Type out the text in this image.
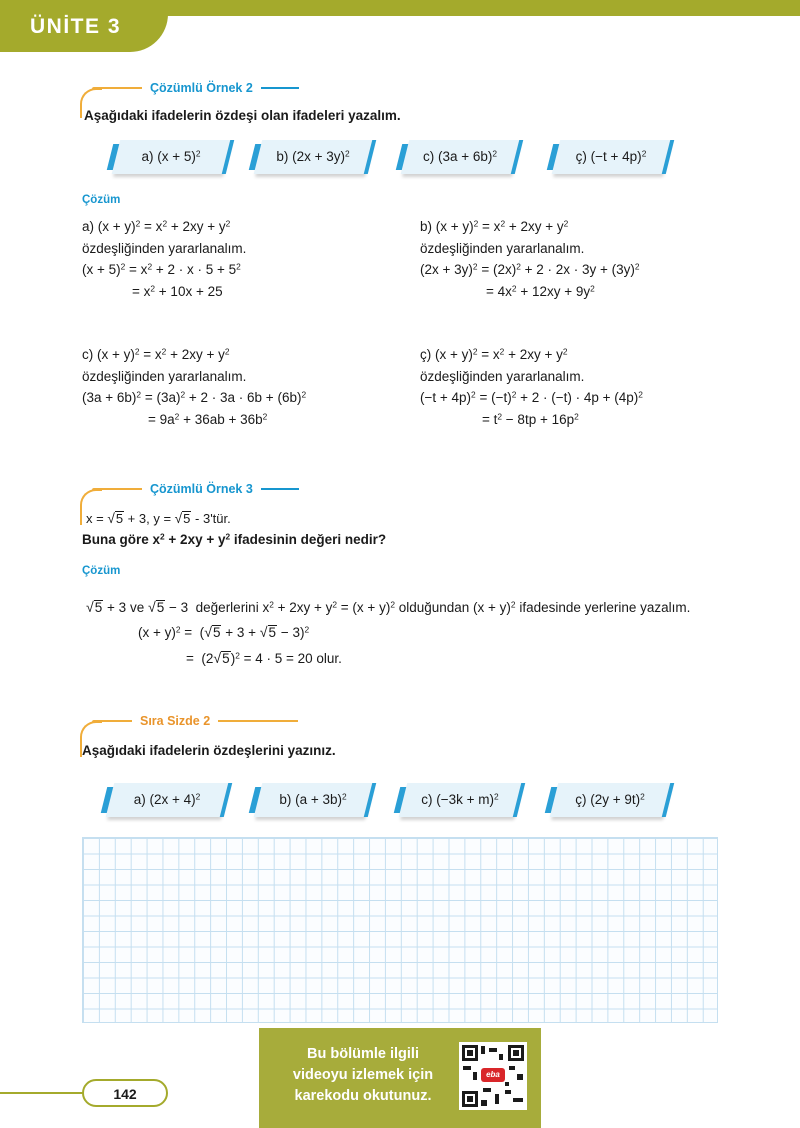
ÜNİTE 3
Çözümlü Örnek 2
Aşağıdaki ifadelerin özdeşi olan ifadeleri yazalım.
a) $(x + 5)^2$	b) $(2x + 3y)^2$	c) $(3a + 6b)^2$	ç) $(-t + 4p)^2$
Çözüm
a) $(x + y)^2 = x^2 + 2xy + y^2$
özdeşliğinden yararlanalım.
$(x + 5)^2 = x^2 + 2 \cdot x \cdot 5 + 5^2$
= $x^2 + 10x + 25$
b) $(x + y)^2 = x^2 + 2xy + y^2$
özdeşliğinden yararlanalım.
$(2x + 3y)^2 = (2x)^2 + 2 \cdot 2x \cdot 3y + (3y)^2$
= $4x^2 + 12xy + 9y^2$
c) $(x + y)^2 = x^2 + 2xy + y^2$
özdeşliğinden yararlanalım.
$(3a + 6b)^2 = (3a)^2 + 2 \cdot 3a \cdot 6b + (6b)^2$
= $9a^2 + 36ab + 36b^2$
ç) $(x + y)^2 = x^2 + 2xy + y^2$
özdeşliğinden yararlanalım.
$(-t + 4p)^2 = (-t)^2 + 2 \cdot (-t) \cdot 4p + (4p)^2$
= $t^2 - 8tp + 16p^2$
Çözümlü Örnek 3
x = √5 + 3, y = √5 - 3'tür.
Buna göre $x^2 + 2xy + y^2$ ifadesinin değeri nedir?
Çözüm
√5 + 3 ve √5 − 3  değerlerini $x^2 + 2xy + y^2 = (x + y)^2$ olduğundan $(x + y)^2$ ifadesinde yerlerine yazalım.
$(x + y)^2 = (√5 + 3 + √5 - 3)^2$
=  $(2√5)^2 = 4 \cdot 5 = 20$ olur.
Sıra Sizde 2
Aşağıdaki ifadelerin özdeşlerini yazınız.
a) $(2x + 4)^2$	b) $(a + 3b)^2$	c) $(-3k + m)^2$	ç) $(2y + 9t)^2$
142
Bu bölümle ilgili
videoyu izlemek için
karekodu okutunuz.
eba
